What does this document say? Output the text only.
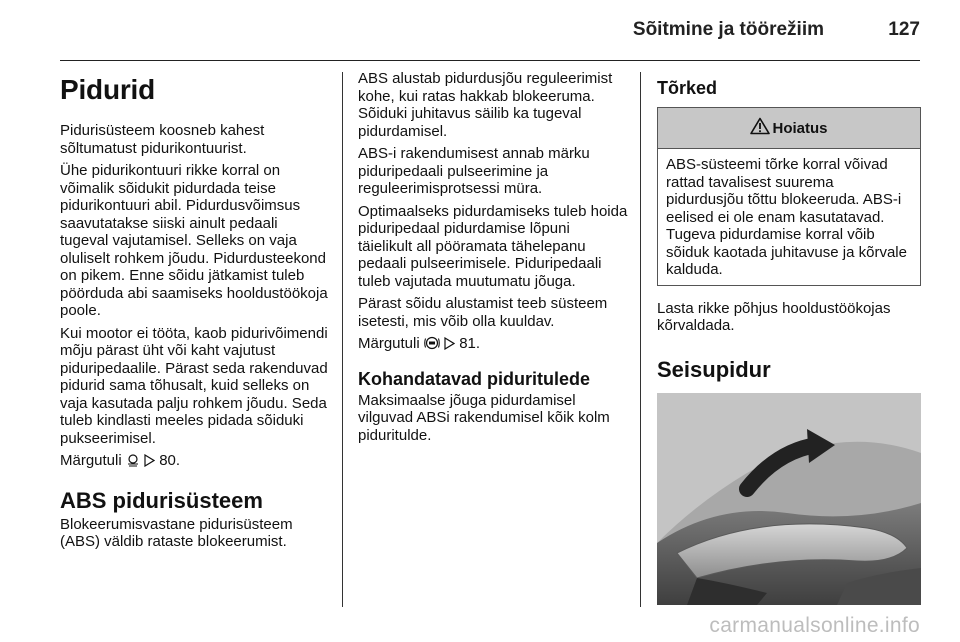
Sõitmine ja töörežiim	127
Pidurid

Pidurisüsteem koosneb kahest sõltumatust pidurikontuurist.

Ühe pidurikontuuri rikke korral on võimalik sõidukit pidurdada teise pidurikontuuri abil. Pidurdusvõimsus saavutatakse siiski ainult pedaali tugeval vajutamisel. Selleks on vaja oluliselt rohkem jõudu. Pidurdusteekond on pikem. Enne sõidu jätkamist tuleb pöörduda abi saamiseks hooldustöökoja poole.

Kui mootor ei tööta, kaob pidurivõimendi mõju pärast üht või kaht vajutust piduripedaalile. Pärast seda rakenduvad pidurid sama tõhusalt, kuid selleks on vaja kasutada palju rohkem jõudu. Seda tuleb kindlasti meeles pidada sõiduki pukseerimisel.

Märgutuli	80.

ABS pidurisüsteem

Blokeerumisvastane pidurisüsteem (ABS) väldib rataste blokeerumist.

ABS alustab pidurdusjõu reguleerimist kohe, kui ratas hakkab blokeeruma. Sõiduki juhitavus säilib ka tugeval pidurdamisel.

ABS-i rakendumisest annab märku piduripedaali pulseerimine ja reguleerimisprotsessi müra.

Optimaalseks pidurdamiseks tuleb hoida piduripedaal pidurdamise lõpuni täielikult all pööramata tähelepanu pedaali pulseerimisele. Piduripedaali tuleb vajutada muutumatu jõuga.

Pärast sõidu alustamist teeb süsteem isetesti, mis võib olla kuuldav.

Märgutuli	81.

Kohandatavad piduritulede

Maksimaalse jõuga pidurdamisel vilguvad ABSi rakendumisel kõik kolm piduritulde.

Tõrked
Hoiatus

ABS-süsteemi tõrke korral võivad rattad tavalisest suurema pidurdusjõu tõttu blokeeruda. ABS-i eelised ei ole enam kasutatavad. Tugeva pidurdamise korral võib sõiduk kaotada juhitavuse ja kõrvale kalduda.

Lasta rikke põhjus hooldustöökojas kõrvaldada.

Seisupidur
carmanualsonline.info
